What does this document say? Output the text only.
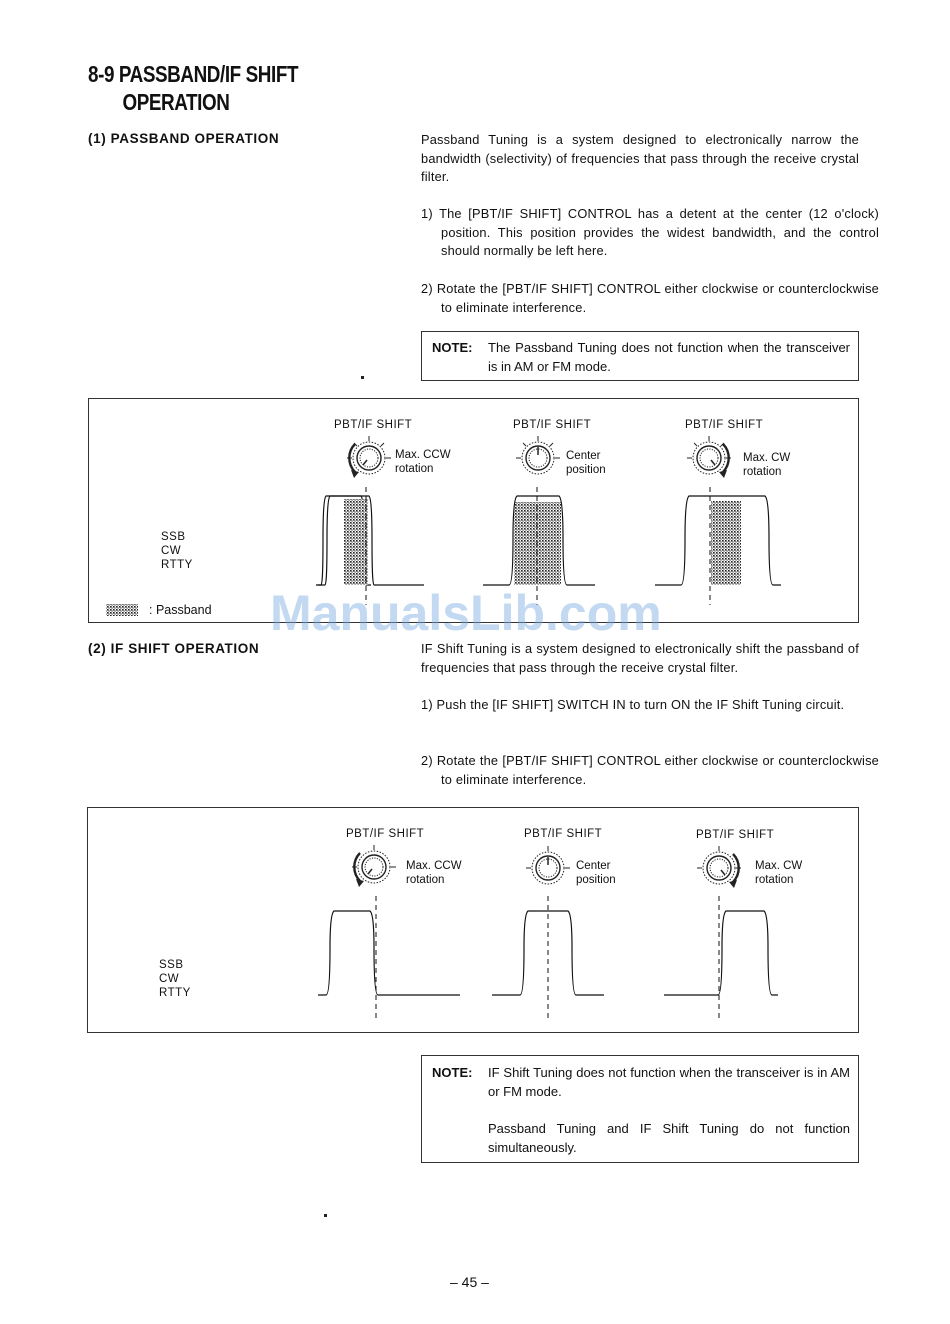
8-9 PASSBAND/IF SHIFT
OPERATION
(1) PASSBAND OPERATION	Passband Tuning is a system designed to electronically narrow the bandwidth (selectivity) of frequencies that pass through the receive crystal filter.
1) The [PBT/IF SHIFT] CONTROL has a detent at the center (12 o'clock) position. This position provides the widest bandwidth, and the control should normally be left here.
2) Rotate the [PBT/IF SHIFT] CONTROL either clockwise or counterclockwise to eliminate interference.
NOTE: The Passband Tuning does not function when the transceiver is in AM or FM mode.
PBT/IF SHIFT	PBT/IF SHIFT	PBT/IF SHIFT
Max. CCW
rotation
Center
position
Max. CW
rotation
SSB
CW
RTTY
: Passband ManualsLib.com
(2) IF SHIFT OPERATION	IF Shift Tuning is a system designed to electronically shift the passband of frequencies that pass through the receive crystal filter.
1) Push the [IF SHIFT] SWITCH IN to turn ON the IF Shift Tuning circuit.
2) Rotate the [PBT/IF SHIFT] CONTROL either clockwise or counterclockwise to eliminate interference.
PBT/IF SHIFT	PBT/IF SHIFT	PBT/IF SHIFT
Max. CCW
rotation
Center
position
Max. CW
rotation
SSB
CW
RTTY
NOTE: IF Shift Tuning does not function when the transceiver is in AM or FM mode.
Passband Tuning and IF Shift Tuning do not function simultaneously.
– 45 –
